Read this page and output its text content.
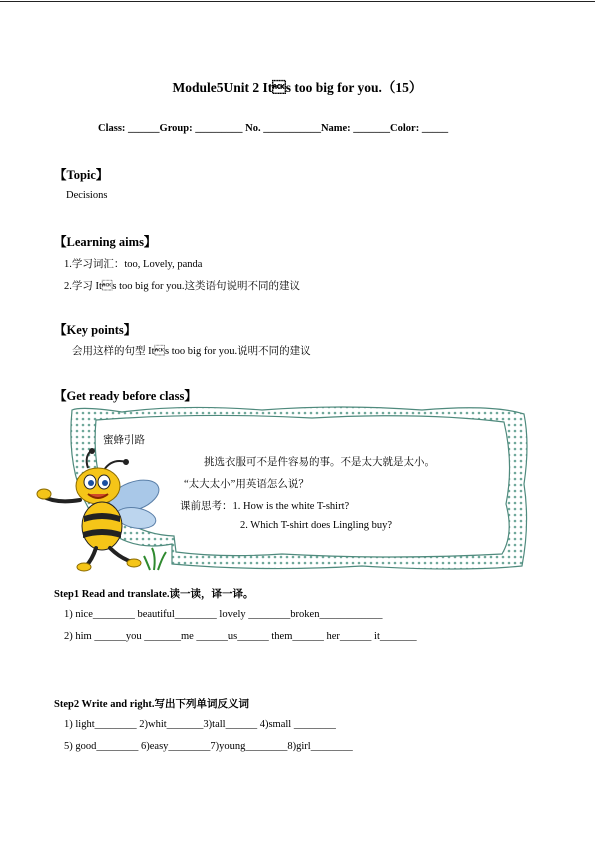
Module5Unit 2 Its too big for you.（15）
Class: ______Group: _________ No. ___________Name: _______Color: _____
【Topic】
Decisions
【Learning aims】
1.学习词汇：too, Lovely, panda
2.学习 Its too big for you.这类语句说明不同的建议
【Key points】
会用这样的句型 Its too big for you.说明不同的建议
【Get ready before class】
蜜蜂引路
挑选衣服可不是件容易的事。不是太大就是太小。
“太大太小”用英语怎么说？
课前思考：1. How is the white T-shirt?
2. Which T-shirt does Lingling buy?
Step1 Read and translate.读一读，译一译。
1) nice________ beautiful________ lovely ________broken____________
2) him ______you _______me ______us______ them______ her______ it_______
Step2 Write and right.写出下列单词反义词
1) light________ 2)whit_______3)tall______ 4)small ________
5) good________ 6)easy________7)young________8)girl________
